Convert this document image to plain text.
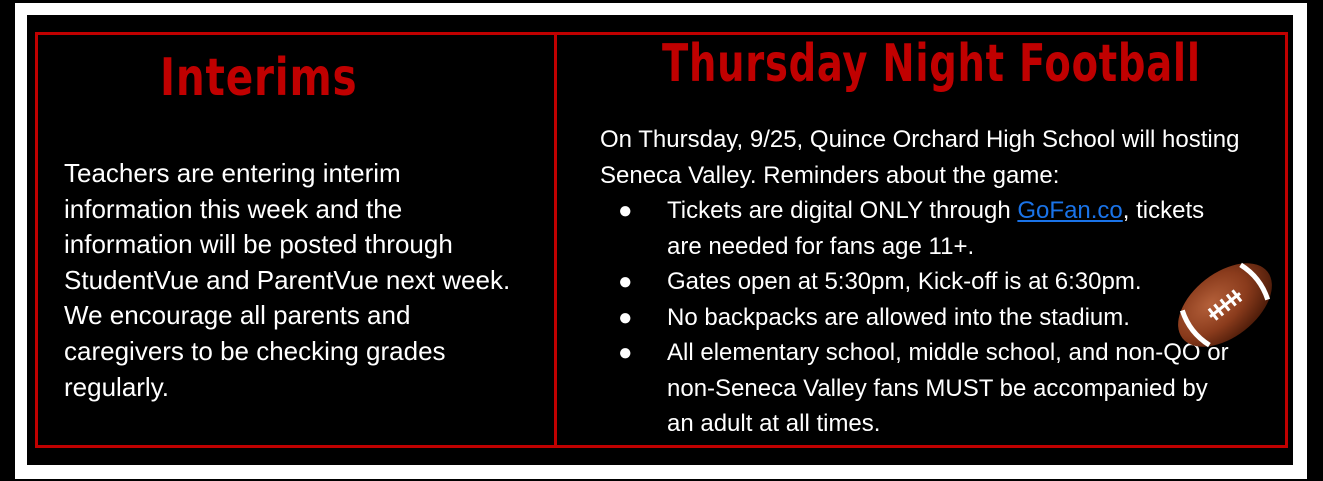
Interims
Teachers are entering interim information this week and the information will be posted through StudentVue and ParentVue next week. We encourage all parents and caregivers to be checking grades regularly.
Thursday Night Football

On Thursday, 9/25, Quince Orchard High School will hosting Seneca Valley. Reminders about the game:

● Tickets are digital ONLY through GoFan.co, tickets are needed for fans age 11+.
● Gates open at 5:30pm, Kick-off is at 6:30pm.
● No backpacks are allowed into the stadium.
● All elementary school, middle school, and non-QO or non-Seneca Valley fans MUST be accompanied by an adult at all times.
